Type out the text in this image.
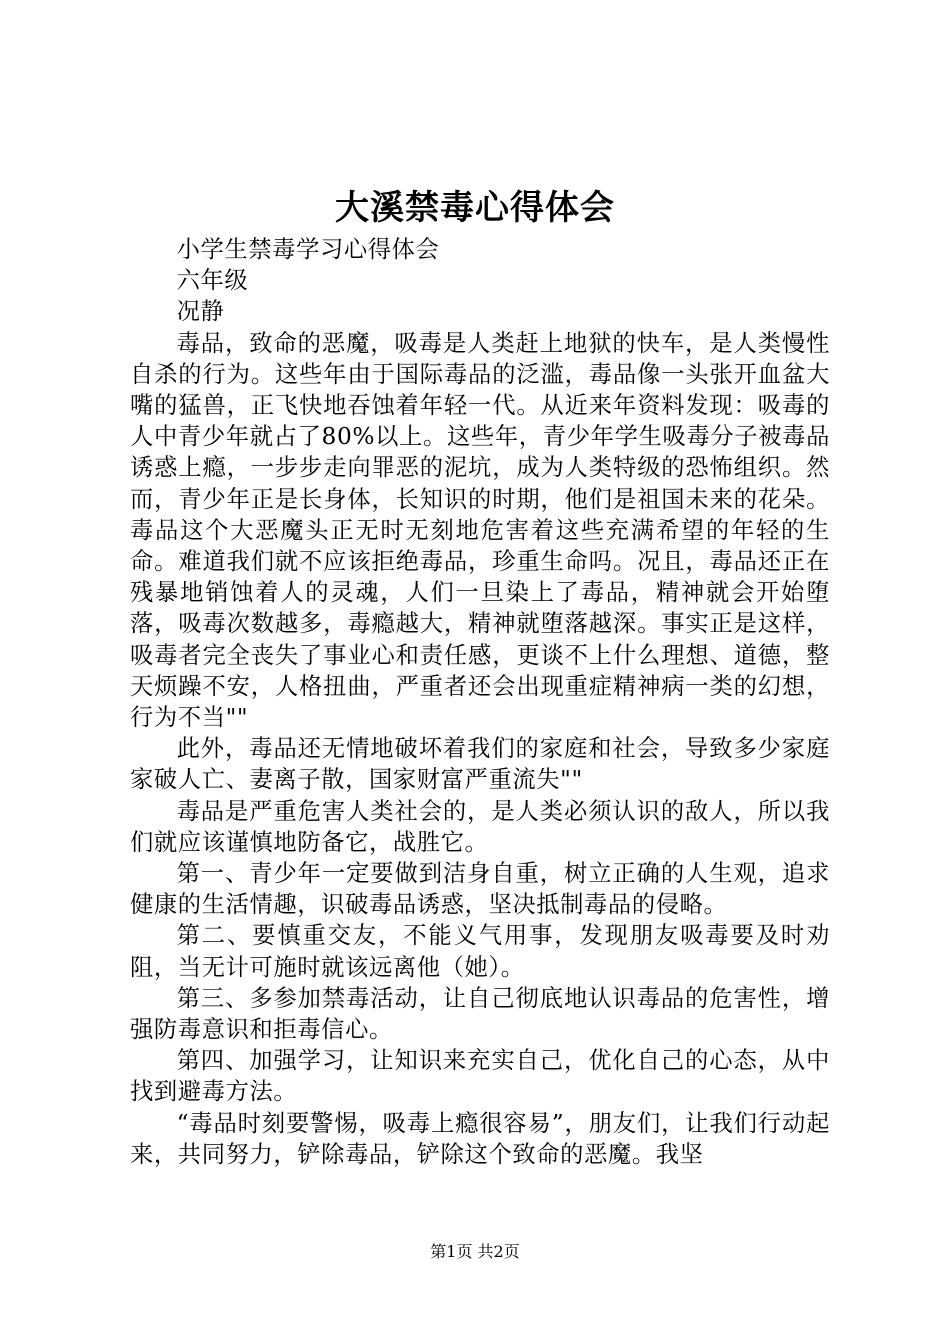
大溪禁毒心得体会

小学生禁毒学习心得体会

六年级

况静

毒品，致命的恶魔，吸毒是人类赶上地狱的快车，是人类慢性自杀的行为。这些年由于国际毒品的泛滥，毒品像一头张开血盆大嘴的猛兽，正飞快地吞蚀着年轻一代。从近来年资料发现：吸毒的人中青少年就占了80%以上。这些年，青少年学生吸毒分子被毒品诱惑上瘾，一步步走向罪恶的泥坑，成为人类特级的恐怖组织。然而，青少年正是长身体，长知识的时期，他们是祖国未来的花朵。毒品这个大恶魔头正无时无刻地危害着这些充满希望的年轻的生命。难道我们就不应该拒绝毒品，珍重生命吗。况且，毒品还正在残暴地销蚀着人的灵魂，人们一旦染上了毒品，精神就会开始堕落，吸毒次数越多，毒瘾越大，精神就堕落越深。事实正是这样，吸毒者完全丧失了事业心和责任感，更谈不上什么理想、道德，整天烦躁不安，人格扭曲，严重者还会出现重症精神病一类的幻想，行为不当""

此外，毒品还无情地破坏着我们的家庭和社会，导致多少家庭家破人亡、妻离子散，国家财富严重流失""

毒品是严重危害人类社会的，是人类必须认识的敌人，所以我们就应该谨慎地防备它，战胜它。

第一、青少年一定要做到洁身自重，树立正确的人生观，追求健康的生活情趣，识破毒品诱惑，坚决抵制毒品的侵略。

第二、要慎重交友，不能义气用事，发现朋友吸毒要及时劝阻，当无计可施时就该远离他（她）。

第三、多参加禁毒活动，让自己彻底地认识毒品的危害性，增强防毒意识和拒毒信心。

第四、加强学习，让知识来充实自己，优化自己的心态，从中找到避毒方法。

“毒品时刻要警惕，吸毒上瘾很容易”，朋友们，让我们行动起来，共同努力，铲除毒品，铲除这个致命的恶魔。我坚

第1页 共2页
